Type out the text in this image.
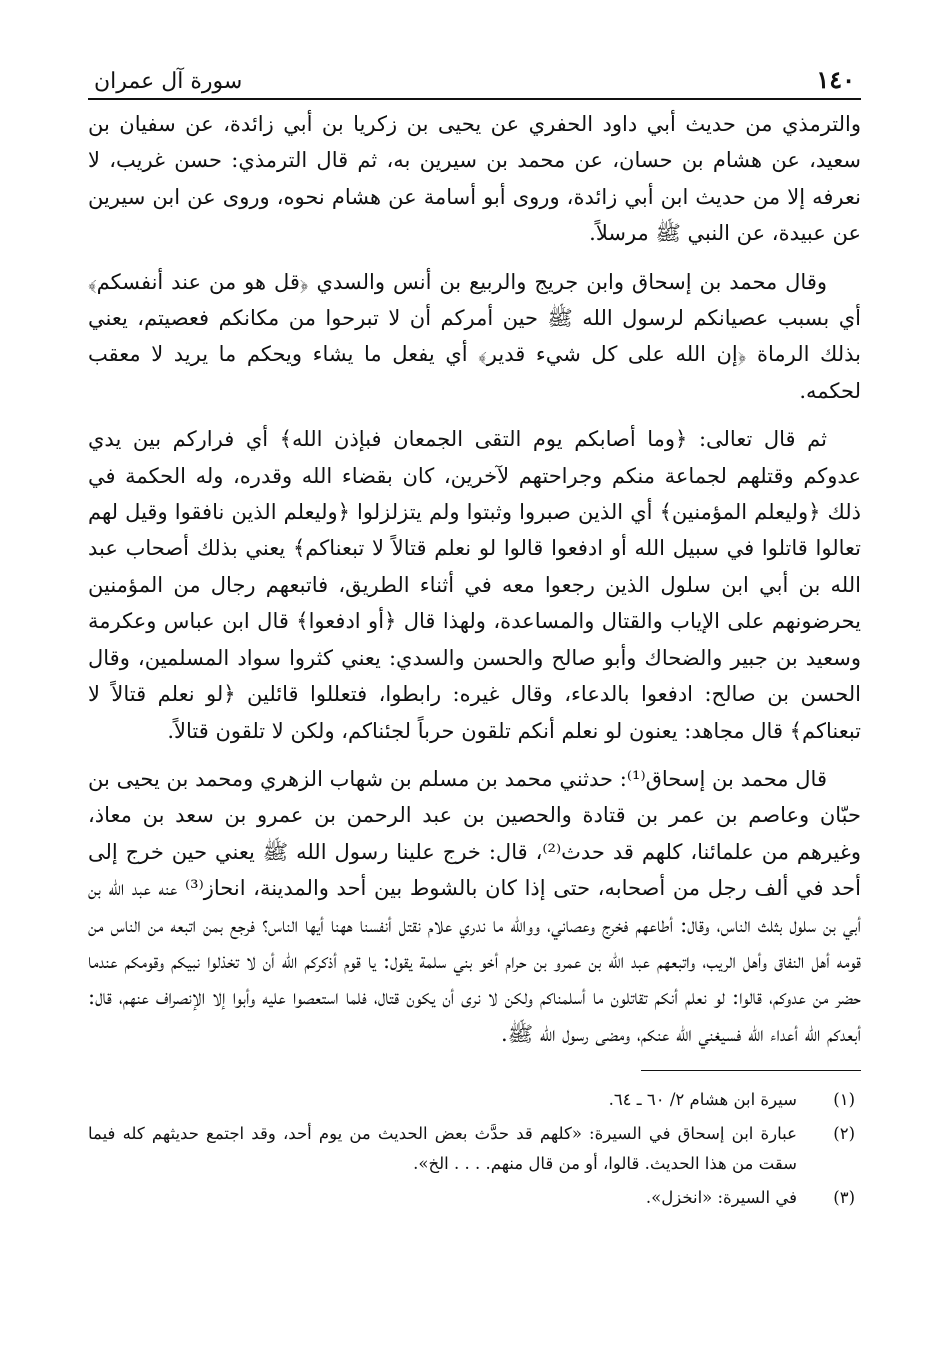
١٤٠
سورة آل عمران

والترمذي من حديث أبي داود الحفري عن يحيى بن زكريا بن أبي زائدة، عن سفيان بن سعيد، عن هشام بن حسان، عن محمد بن سيرين به، ثم قال الترمذي: حسن غريب، لا نعرفه إلا من حديث ابن أبي زائدة، وروى أبو أسامة عن هشام نحوه، وروى عن ابن سيرين عن عبيدة، عن النبي ﷺ مرسلاً.

وقال محمد بن إسحاق وابن جريج والربيع بن أنس والسدي ﴿قل هو من عند أنفسكم﴾ أي بسبب عصيانكم لرسول الله ﷺ حين أمركم أن لا تبرحوا من مكانكم فعصيتم، يعني بذلك الرماة ﴿إن الله على كل شيء قدير﴾ أي يفعل ما يشاء ويحكم ما يريد لا معقب لحكمه.

ثم قال تعالى: ﴿وما أصابكم يوم التقى الجمعان فبإذن الله﴾ أي فراركم بين يدي عدوكم وقتلهم لجماعة منكم وجراحتهم لآخرين، كان بقضاء الله وقدره، وله الحكمة في ذلك ﴿وليعلم المؤمنين﴾ أي الذين صبروا وثبتوا ولم يتزلزلوا ﴿وليعلم الذين نافقوا وقيل لهم تعالوا قاتلوا في سبيل الله أو ادفعوا قالوا لو نعلم قتالاً لا تبعناكم﴾ يعني بذلك أصحاب عبد الله بن أبي ابن سلول الذين رجعوا معه في أثناء الطريق، فاتبعهم رجال من المؤمنين يحرضونهم على الإياب والقتال والمساعدة، ولهذا قال ﴿أو ادفعوا﴾ قال ابن عباس وعكرمة وسعيد بن جبير والضحاك وأبو صالح والحسن والسدي: يعني كثروا سواد المسلمين، وقال الحسن بن صالح: ادفعوا بالدعاء، وقال غيره: رابطوا، فتعللوا قائلين ﴿لو نعلم قتالاً لا تبعناكم﴾ قال مجاهد: يعنون لو نعلم أنكم تلقون حرباً لجئناكم، ولكن لا تلقون قتالاً.

قال محمد بن إسحاق⁽¹⁾: حدثني محمد بن مسلم بن شهاب الزهري ومحمد بن يحيى بن حبّان وعاصم بن عمر بن قتادة والحصين بن عبد الرحمن بن عمرو بن سعد بن معاذ، وغيرهم من علمائنا، كلهم قد حدث⁽²⁾، قال: خرج علينا رسول الله ﷺ يعني حين خرج إلى أحد في ألف رجل من أصحابه، حتى إذا كان بالشوط بين أحد والمدينة، انحاز⁽³⁾ عنه عبد الله بن أبي بن سلول بثلث الناس، وقال: أطاعهم فخرج وعصاني، ووالله ما ندري علام نقتل أنفسنا ههنا أيها الناس؟ فرجع بمن اتبعه من الناس من قومه أهل النفاق وأهل الريب، واتبعهم عبد الله بن عمرو بن حرام أخو بني سلمة يقول: يا قوم أذكركم الله أن لا تخذلوا نبيكم وقومكم عندما حضر من عدوكم، قالوا: لو نعلم أنكم تقاتلون ما أسلمناكم ولكن لا نرى أن يكون قتال، فلما استعصوا عليه وأبوا إلا الإنصراف عنهم، قال: أبعدكم الله أعداء الله فسيغني الله عنكم، ومضى رسول الله ﷺ.

(١)
سيرة ابن هشام ٢/ ٦٠ ـ ٦٤.
(٢)
عبارة ابن إسحاق في السيرة: «كلهم قد حدَّث بعض الحديث من يوم أحد، وقد اجتمع حديثهم كله فيما سقت من هذا الحديث. قالوا، أو من قال منهم. . . . الخ».
(٣)
في السيرة: «انخزل».
